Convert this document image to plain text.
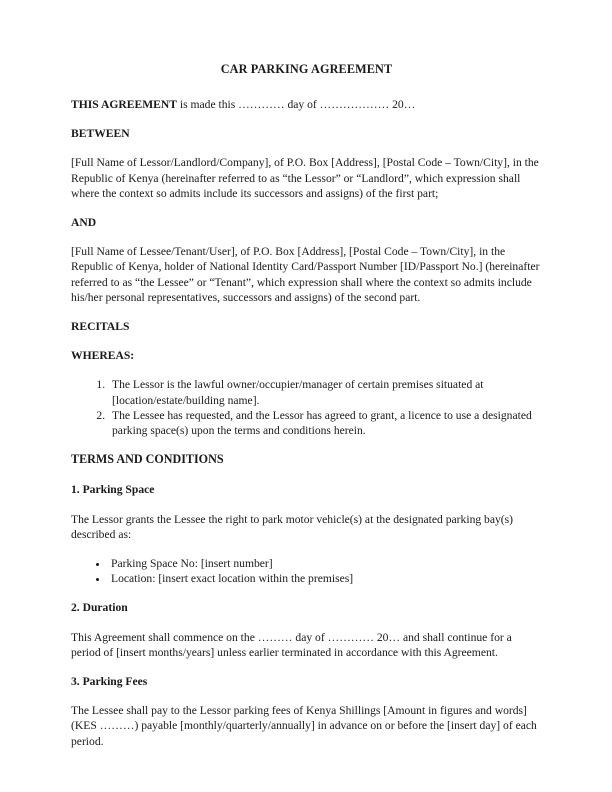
CAR PARKING AGREEMENT

THIS AGREEMENT is made this ………… day of ……………… 20…

BETWEEN

[Full Name of Lessor/Landlord/Company], of P.O. Box [Address], [Postal Code – Town/City], in the Republic of Kenya (hereinafter referred to as “the Lessor” or “Landlord”, which expression shall where the context so admits include its successors and assigns) of the first part;

AND

[Full Name of Lessee/Tenant/User], of P.O. Box [Address], [Postal Code – Town/City], in the Republic of Kenya, holder of National Identity Card/Passport Number [ID/Passport No.] (hereinafter referred to as “the Lessee” or “Tenant”, which expression shall where the context so admits include his/her personal representatives, successors and assigns) of the second part.

RECITALS
WHEREAS:
1. The Lessor is the lawful owner/occupier/manager of certain premises situated at [location/estate/building name].
2. The Lessee has requested, and the Lessor has agreed to grant, a licence to use a designated parking space(s) upon the terms and conditions herein.
TERMS AND CONDITIONS
1. Parking Space

The Lessor grants the Lessee the right to park motor vehicle(s) at the designated parking bay(s) described as:

• Parking Space No: [insert number]
• Location: [insert exact location within the premises]
2. Duration

This Agreement shall commence on the ……… day of ………… 20… and shall continue for a period of [insert months/years] unless earlier terminated in accordance with this Agreement.

3. Parking Fees

The Lessee shall pay to the Lessor parking fees of Kenya Shillings [Amount in figures and words] (KES ………) payable [monthly/quarterly/annually] in advance on or before the [insert day] of each period.
